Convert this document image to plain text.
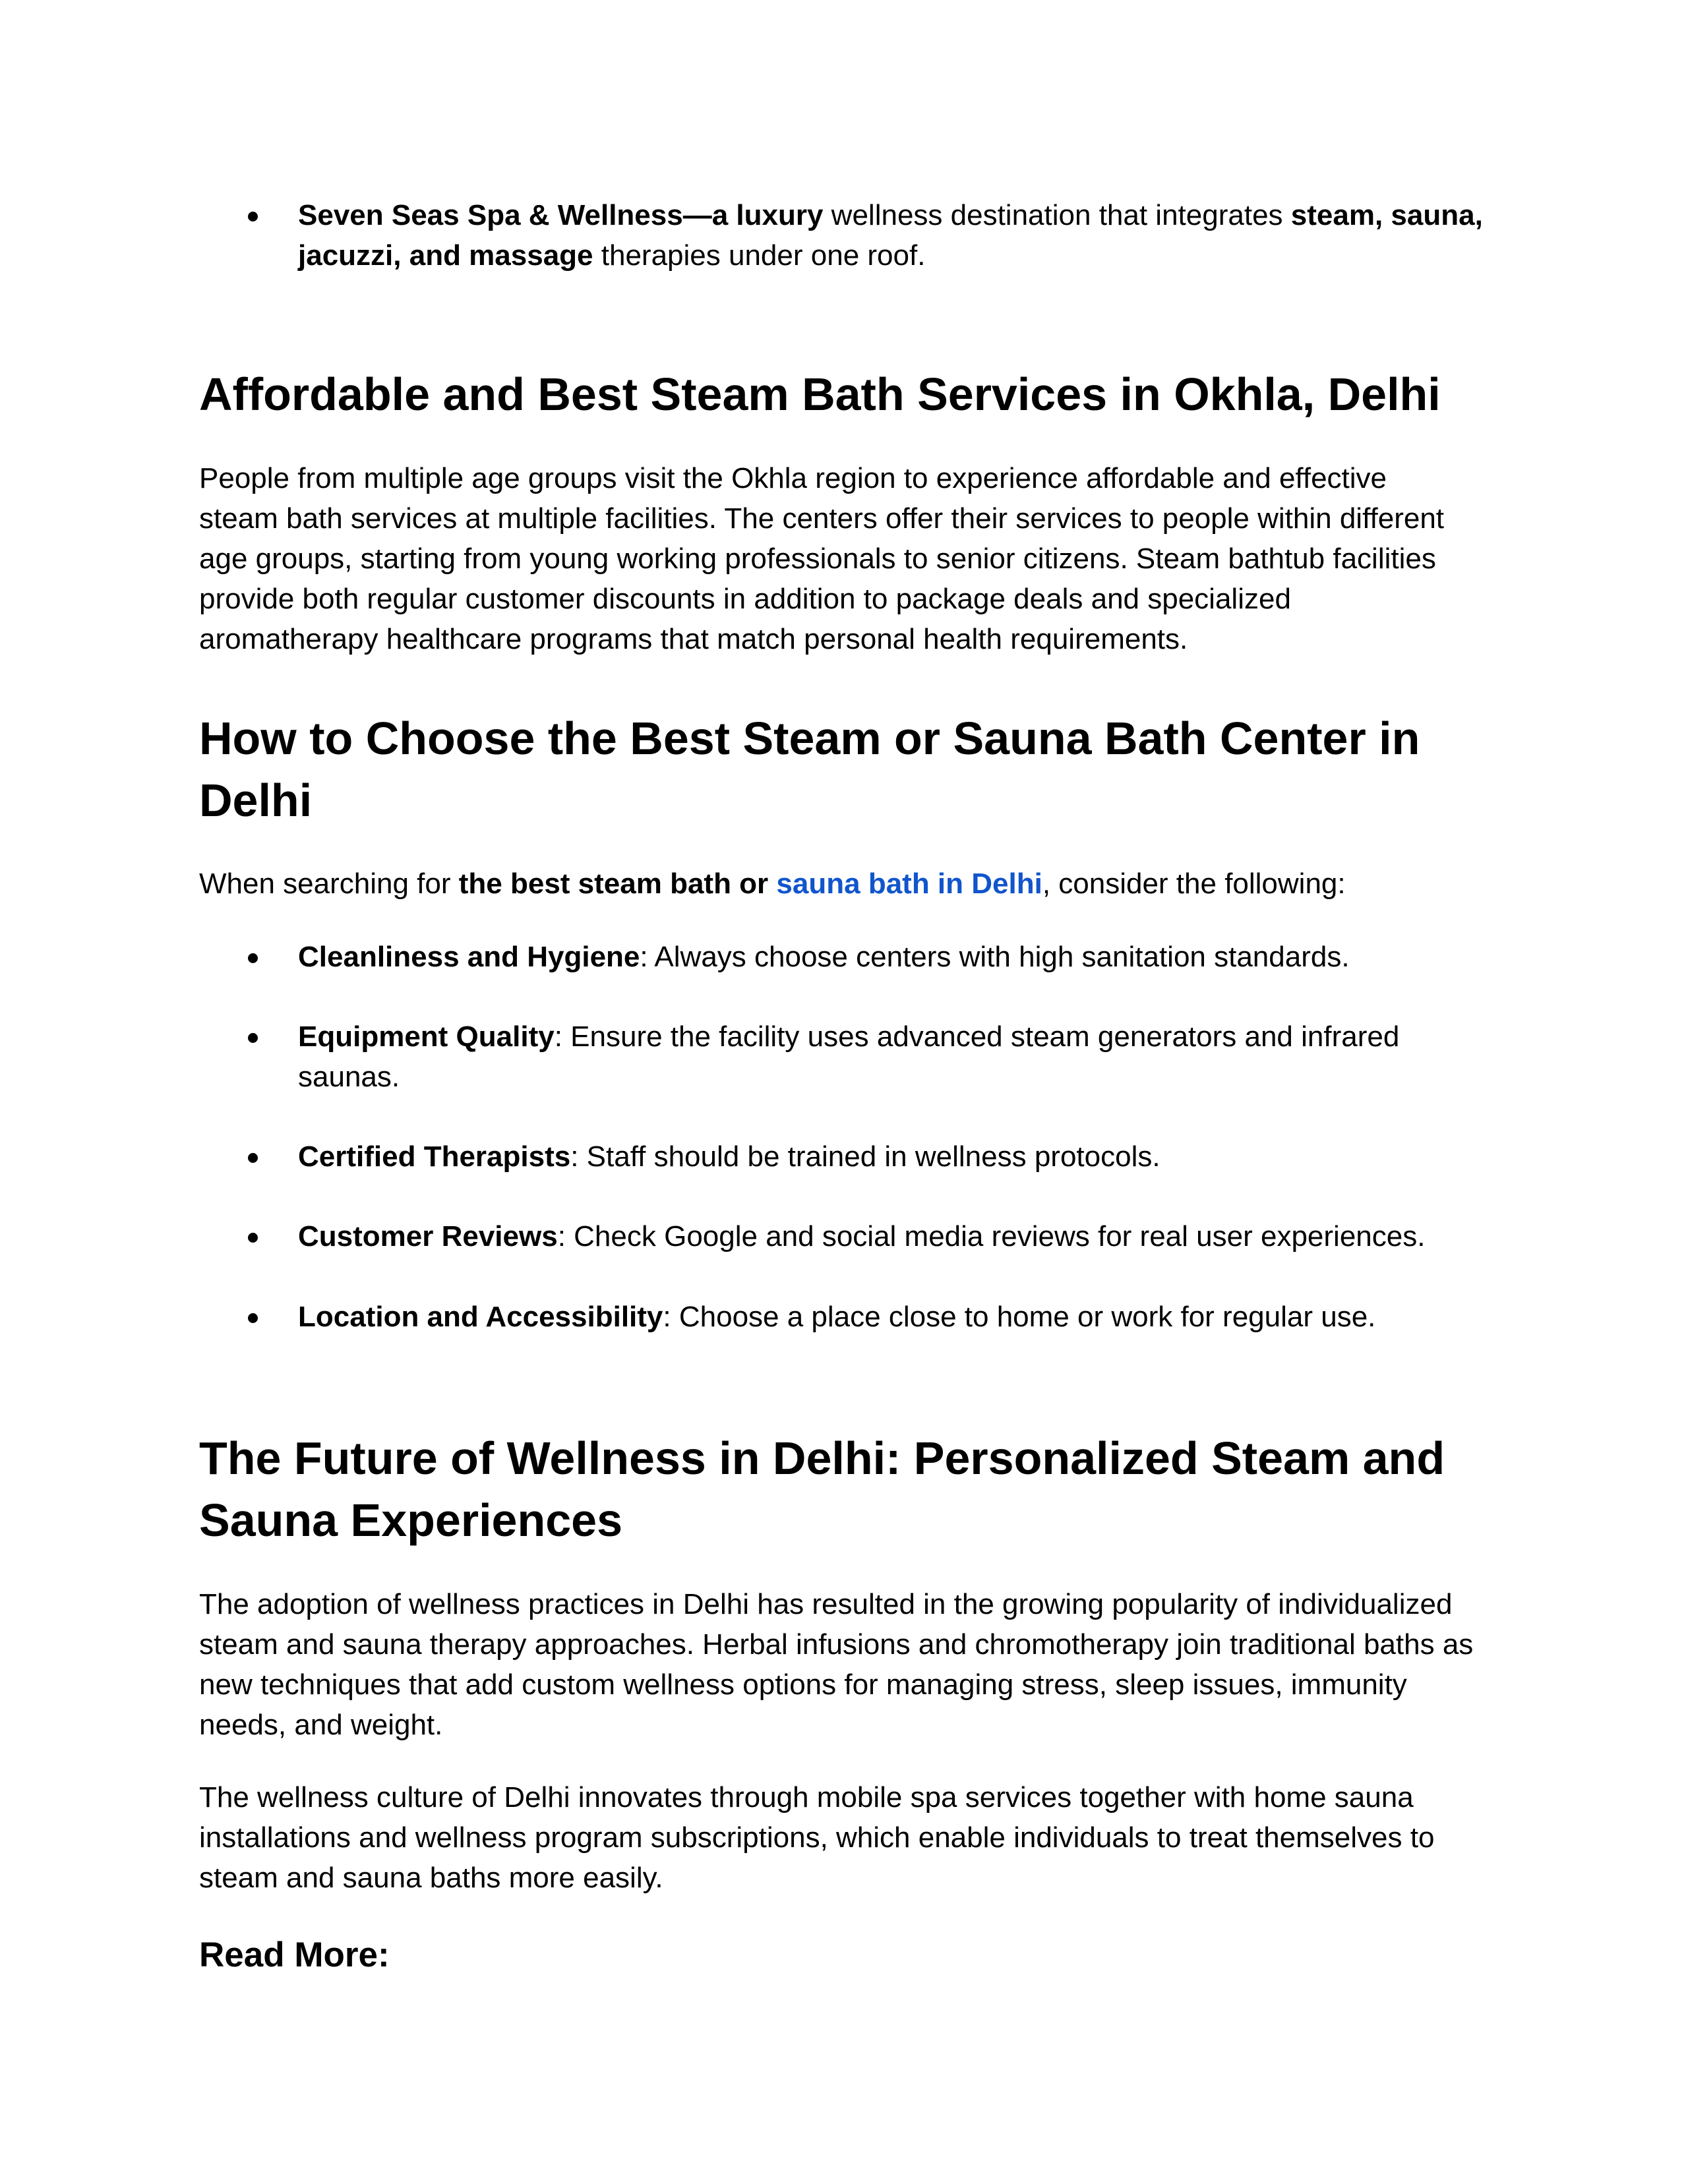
Seven Seas Spa & Wellness—a luxury wellness destination that integrates steam, sauna, jacuzzi, and massage therapies under one roof.
Affordable and Best Steam Bath Services in Okhla, Delhi

People from multiple age groups visit the Okhla region to experience affordable and effective steam bath services at multiple facilities. The centers offer their services to people within different age groups, starting from young working professionals to senior citizens. Steam bathtub facilities provide both regular customer discounts in addition to package deals and specialized aromatherapy healthcare programs that match personal health requirements.

How to Choose the Best Steam or Sauna Bath Center in Delhi

When searching for the best steam bath or sauna bath in Delhi, consider the following:

Cleanliness and Hygiene: Always choose centers with high sanitation standards.
Equipment Quality: Ensure the facility uses advanced steam generators and infrared saunas.
Certified Therapists: Staff should be trained in wellness protocols.
Customer Reviews: Check Google and social media reviews for real user experiences.
Location and Accessibility: Choose a place close to home or work for regular use.
The Future of Wellness in Delhi: Personalized Steam and Sauna Experiences

The adoption of wellness practices in Delhi has resulted in the growing popularity of individualized steam and sauna therapy approaches. Herbal infusions and chromotherapy join traditional baths as new techniques that add custom wellness options for managing stress, sleep issues, immunity needs, and weight.

The wellness culture of Delhi innovates through mobile spa services together with home sauna installations and wellness program subscriptions, which enable individuals to treat themselves to steam and sauna baths more easily.

Read More:
